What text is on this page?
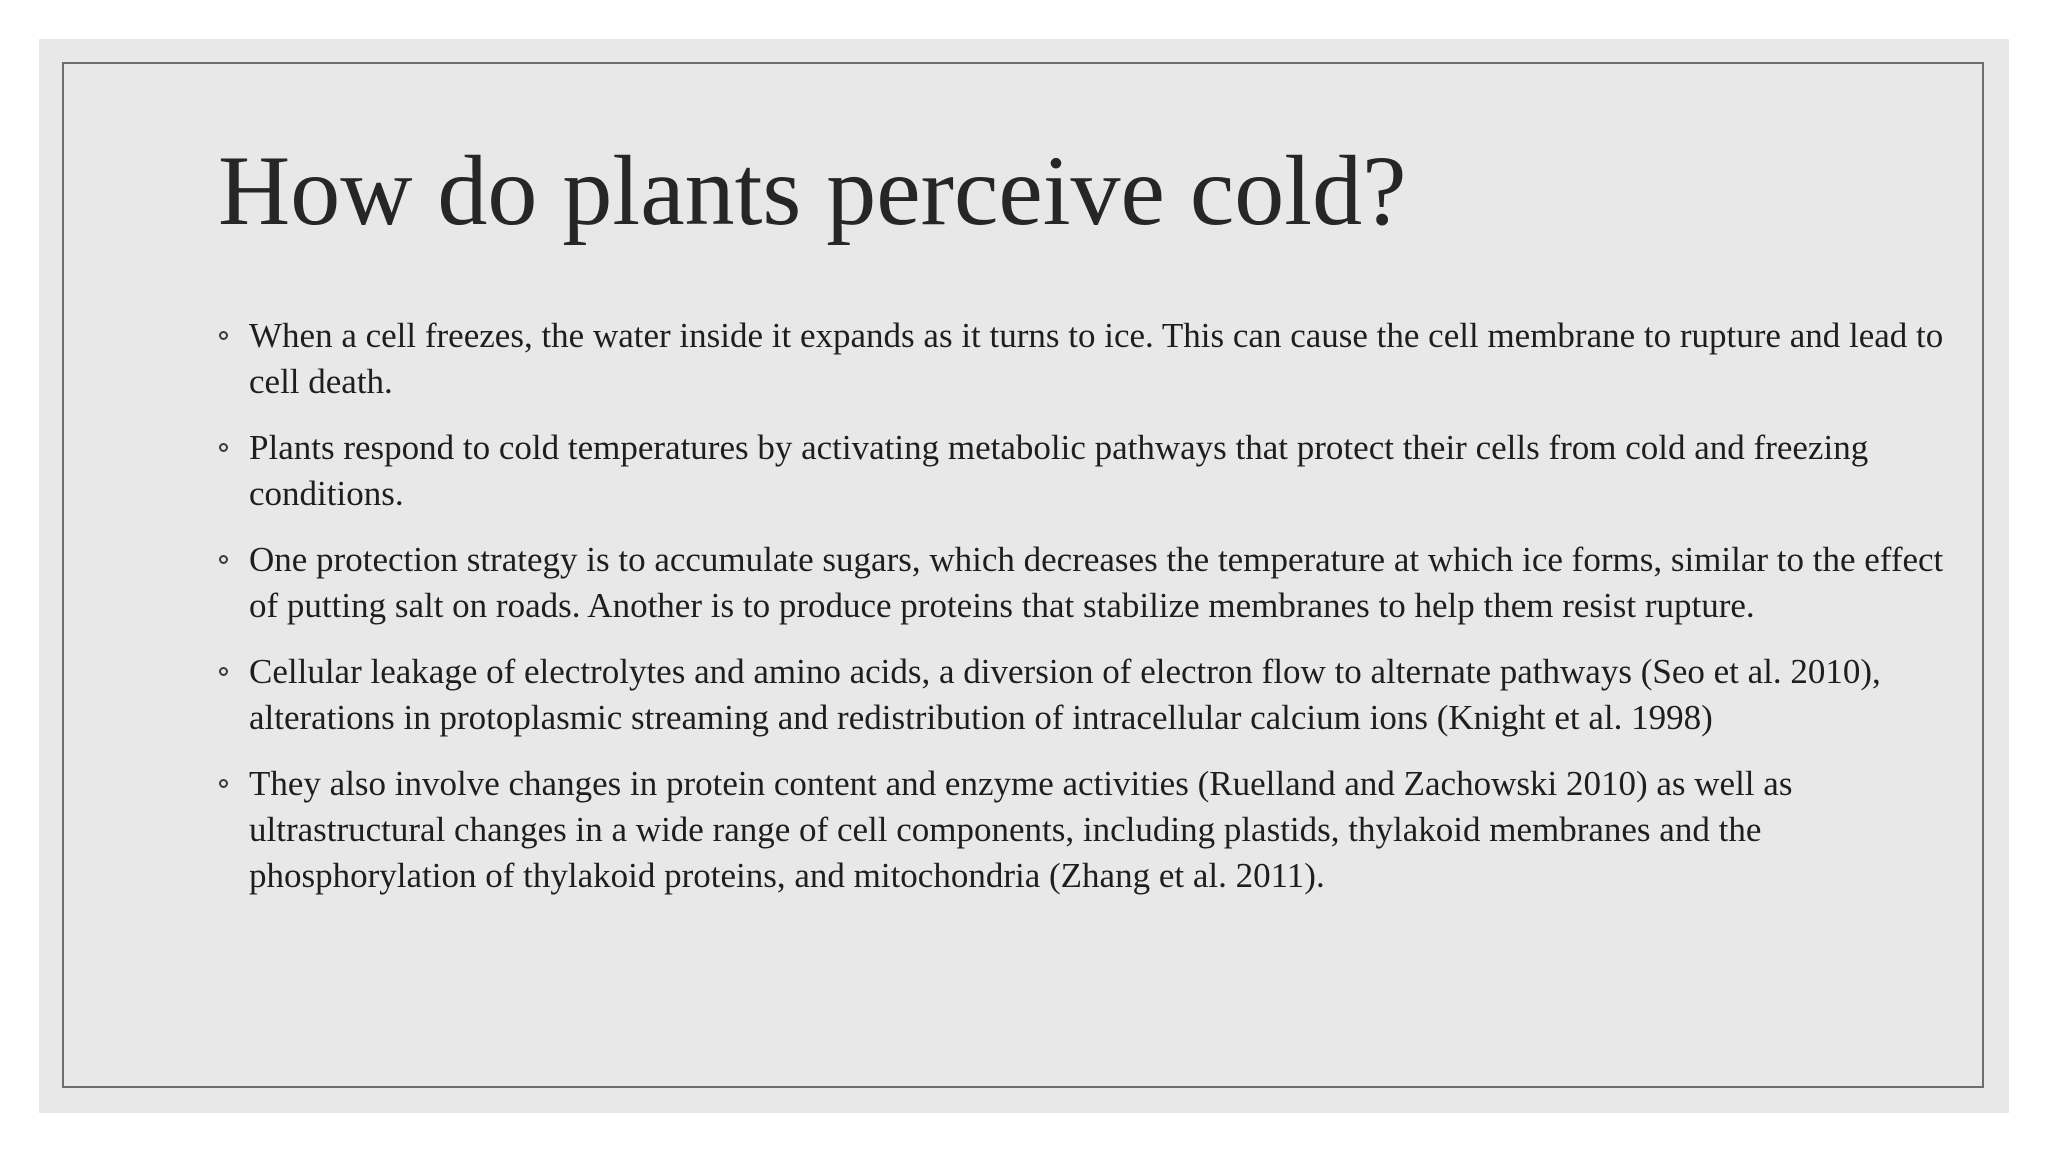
How do plants perceive cold?
When a cell freezes, the water inside it expands as it turns to ice. This can cause the cell membrane to rupture and lead to cell death.
Plants respond to cold temperatures by activating metabolic pathways that protect their cells from cold and freezing conditions.
One protection strategy is to accumulate sugars, which decreases the temperature at which ice forms, similar to the effect of putting salt on roads. Another is to produce proteins that stabilize membranes to help them resist rupture.
Cellular leakage of electrolytes and amino acids, a diversion of electron flow to alternate pathways (Seo et al. 2010), alterations in protoplasmic streaming and redistribution of intracellular calcium ions (Knight et al. 1998)
They also involve changes in protein content and enzyme activities (Ruelland and Zachowski 2010) as well as ultrastructural changes in a wide range of cell components, including plastids, thylakoid membranes and the phosphorylation of thylakoid proteins, and mitochondria (Zhang et al. 2011).
